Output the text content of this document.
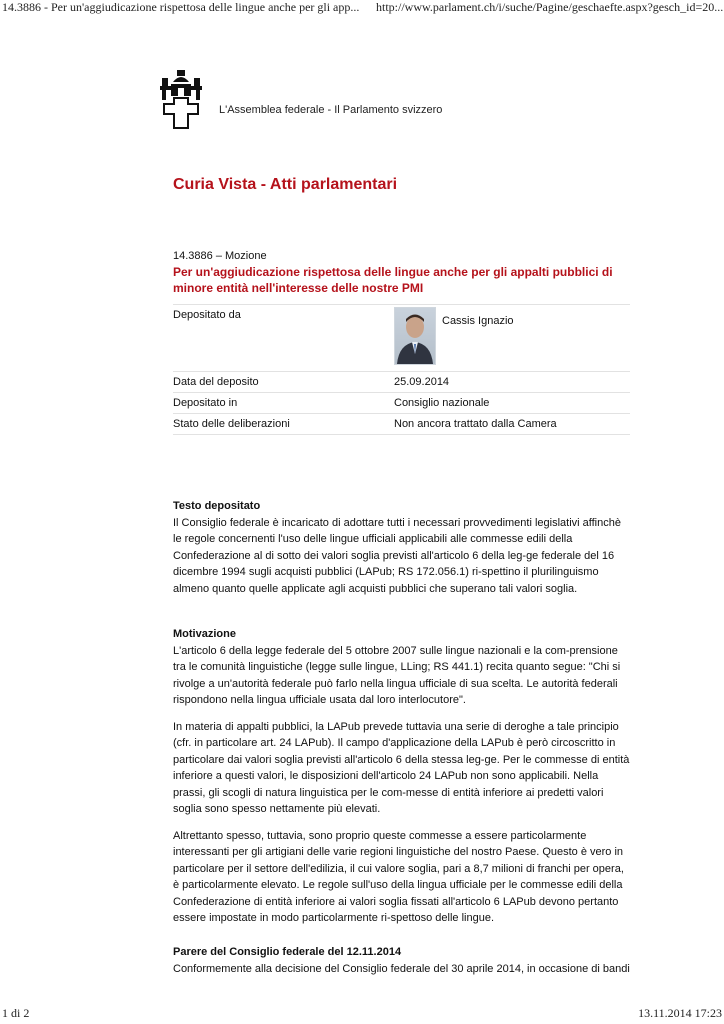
14.3886 - Per un'aggiudicazione rispettosa delle lingue anche per gli app... http://www.parlament.ch/i/suche/Pagine/geschaefte.aspx?gesch_id=20...
L'Assemblea federale - Il Parlamento svizzero
Curia Vista - Atti parlamentari

14.3886 – Mozione

Per un'aggiudicazione rispettosa delle lingue anche per gli appalti pubblici di minore entità nell'interesse delle nostre PMI

Depositato da	Cassis Ignazio

Data del deposito	25.09.2014
Depositato in	Consiglio nazionale
Stato delle deliberazioni	Non ancora trattato dalla Camera

Testo depositato

Il Consiglio federale è incaricato di adottare tutti i necessari provvedimenti legislativi affinchè le regole concernenti l'uso delle lingue ufficiali applicabili alle commesse edili della Confederazione al di sotto dei valori soglia previsti all'articolo 6 della leg-ge federale del 16 dicembre 1994 sugli acquisti pubblici (LAPub; RS 172.056.1) ri-spettino il plurilinguismo almeno quanto quelle applicate agli acquisti pubblici che superano tali valori soglia.

Motivazione

L'articolo 6 della legge federale del 5 ottobre 2007 sulle lingue nazionali e la com-prensione tra le comunità linguistiche (legge sulle lingue, LLing; RS 441.1) recita quanto segue: "Chi si rivolge a un'autorità federale può farlo nella lingua ufficiale di sua scelta. Le autorità federali rispondono nella lingua ufficiale usata dal loro interlocutore".

In materia di appalti pubblici, la LAPub prevede tuttavia una serie di deroghe a tale principio (cfr. in particolare art. 24 LAPub). Il campo d'applicazione della LAPub è però circoscritto in particolare dai valori soglia previsti all'articolo 6 della stessa leg-ge. Per le commesse di entità inferiore a questi valori, le disposizioni dell'articolo 24 LAPub non sono applicabili. Nella prassi, gli scogli di natura linguistica per le com-messe di entità inferiore ai predetti valori soglia sono spesso nettamente più elevati.

Altrettanto spesso, tuttavia, sono proprio queste commesse a essere particolarmente interessanti per gli artigiani delle varie regioni linguistiche del nostro Paese. Questo è vero in particolare per il settore dell'edilizia, il cui valore soglia, pari a 8,7 milioni di franchi per opera, è particolarmente elevato. Le regole sull'uso della lingua ufficiale per le commesse edili della Confederazione di entità inferiore ai valori soglia fissati all'articolo 6 LAPub devono pertanto essere impostate in modo particolarmente ri-spettoso delle lingue.

Parere del Consiglio federale del 12.11.2014

Conformemente alla decisione del Consiglio federale del 30 aprile 2014, in occasione di bandi

1 di 2	13.11.2014 17:23
